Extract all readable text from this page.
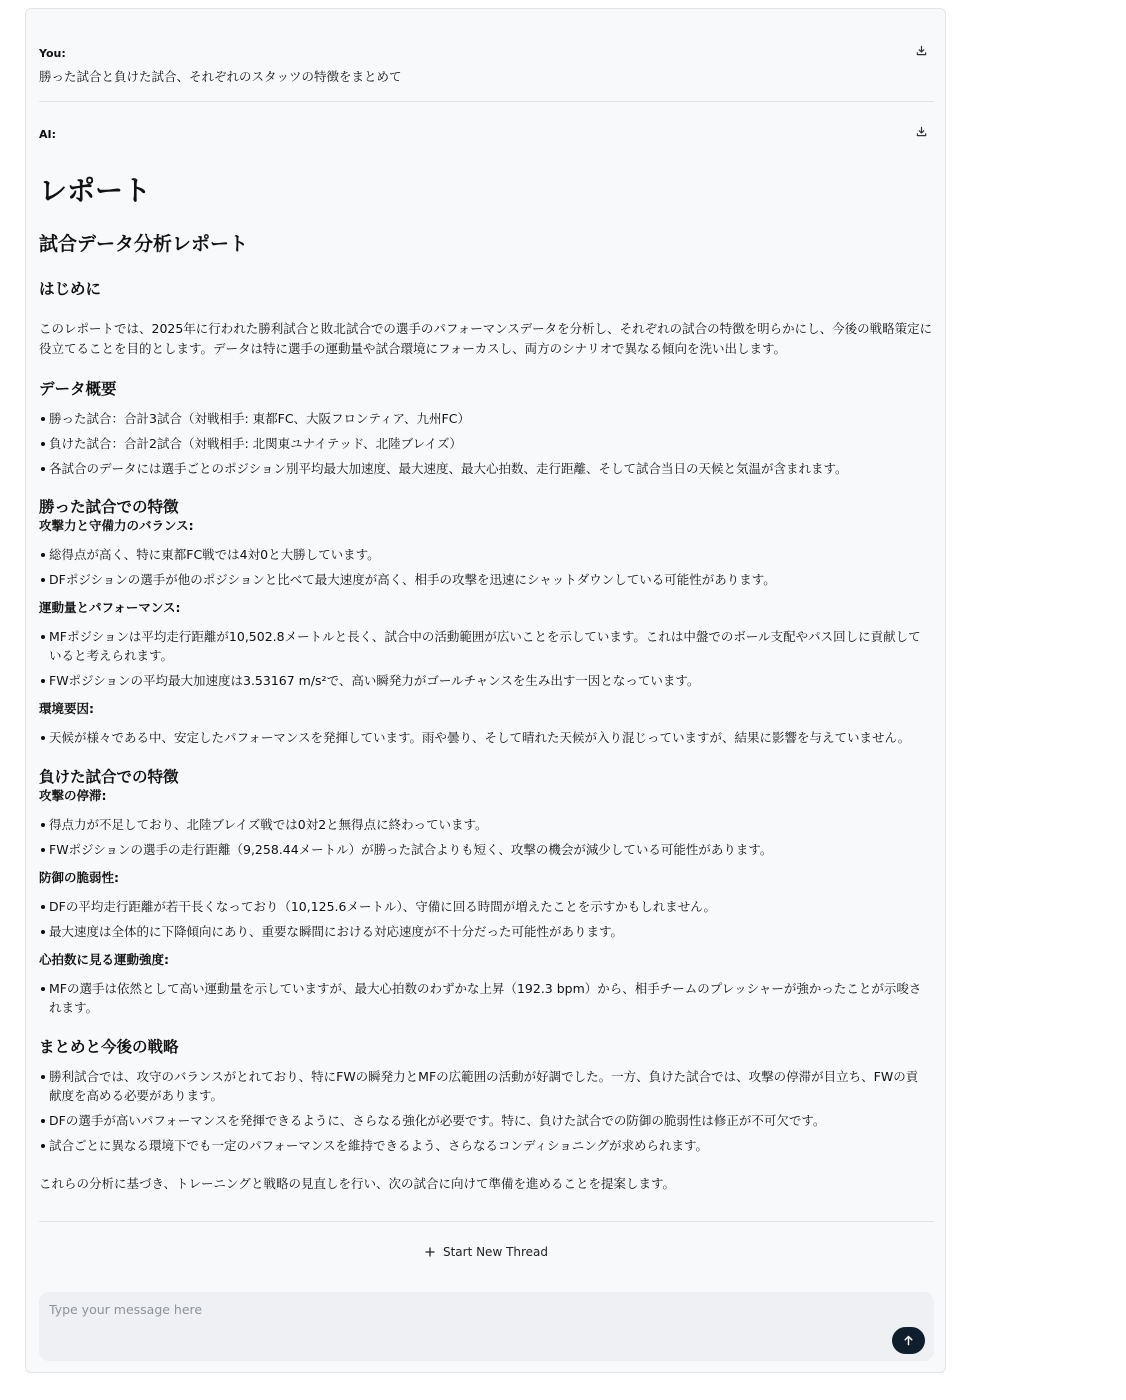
You:
勝った試合と負けた試合、それぞれのスタッツの特徴をまとめて
AI:
レポート
試合データ分析レポート
はじめに

このレポートでは、2025年に行われた勝利試合と敗北試合での選手のパフォーマンスデータを分析し、それぞれの試合の特徴を明らかにし、今後の戦略策定に
役立てることを目的とします。データは特に選手の運動量や試合環境にフォーカスし、両方のシナリオで異なる傾向を洗い出します。

データ概要
勝った試合：合計3試合（対戦相手: 東都FC、大阪フロンティア、九州FC）
負けた試合：合計2試合（対戦相手: 北関東ユナイテッド、北陸ブレイズ）
各試合のデータには選手ごとのポジション別平均最大加速度、最大速度、最大心拍数、走行距離、そして試合当日の天候と気温が含まれます。
勝った試合での特徴
攻撃力と守備力のバランス:
総得点が高く、特に東都FC戦では4対0と大勝しています。
DFポジションの選手が他のポジションと比べて最大速度が高く、相手の攻撃を迅速にシャットダウンしている可能性があります。
運動量とパフォーマンス:
MFポジションは平均走行距離が10,502.8メートルと長く、試合中の活動範囲が広いことを示しています。これは中盤でのボール支配やパス回しに貢献して
いると考えられます。
FWポジションの平均最大加速度は3.53167 m/s²で、高い瞬発力がゴールチャンスを生み出す一因となっています。
環境要因:
天候が様々である中、安定したパフォーマンスを発揮しています。雨や曇り、そして晴れた天候が入り混じっていますが、結果に影響を与えていません。
負けた試合での特徴
攻撃の停滞:
得点力が不足しており、北陸ブレイズ戦では0対2と無得点に終わっています。
FWポジションの選手の走行距離（9,258.44メートル）が勝った試合よりも短く、攻撃の機会が減少している可能性があります。
防御の脆弱性:
DFの平均走行距離が若干長くなっており（10,125.6メートル）、守備に回る時間が増えたことを示すかもしれません。
最大速度は全体的に下降傾向にあり、重要な瞬間における対応速度が不十分だった可能性があります。
心拍数に見る運動強度:
MFの選手は依然として高い運動量を示していますが、最大心拍数のわずかな上昇（192.3 bpm）から、相手チームのプレッシャーが強かったことが示唆さ
れます。
まとめと今後の戦略
勝利試合では、攻守のバランスがとれており、特にFWの瞬発力とMFの広範囲の活動が好調でした。一方、負けた試合では、攻撃の停滞が目立ち、FWの貢
献度を高める必要があります。
DFの選手が高いパフォーマンスを発揮できるように、さらなる強化が必要です。特に、負けた試合での防御の脆弱性は修正が不可欠です。
試合ごとに異なる環境下でも一定のパフォーマンスを維持できるよう、さらなるコンディショニングが求められます。

これらの分析に基づき、トレーニングと戦略の見直しを行い、次の試合に向けて準備を進めることを提案します。

Start New Thread
Type your message here
